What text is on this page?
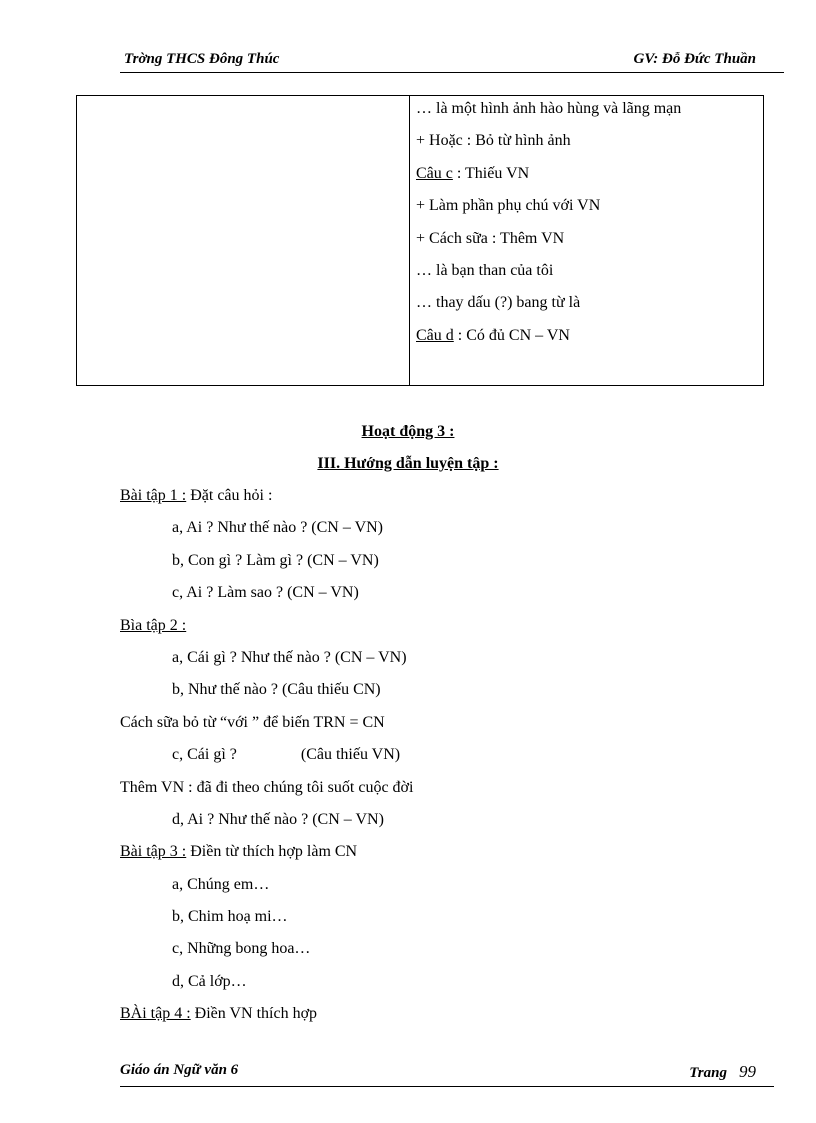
Trờng THCS Đông Thúc	GV: Đỗ Đức Thuần
… là một hình ảnh hào hùng và lãng mạn
+ Hoặc : Bỏ từ hình ảnh
Câu c : Thiếu VN
+ Làm phần phụ chú với VN
+ Cách sữa : Thêm VN
… là bạn than của tôi
… thay dấu (?) bang từ là
Câu d : Có đủ CN – VN
Hoạt động 3 :
III. Hướng dẫn luyện tập :
Bài tập 1 : Đặt câu hỏi :
a, Ai ? Như thế nào ? (CN – VN)
b, Con gì ? Làm gì ? (CN – VN)
c, Ai ? Làm sao ? (CN – VN)
Bìa tập 2 :
a, Cái gì ? Như thế nào ? (CN – VN)
b, Như thế nào ? (Câu thiếu CN)
Cách sữa bỏ từ “với ” để biến TRN = CN
c, Cái gì ?	(Câu thiếu VN)
Thêm VN : đã đi theo chúng tôi suốt cuộc đời
d, Ai ? Như thế nào ? (CN – VN)
Bài tập 3 : Điền từ thích hợp làm CN
a, Chúng em…
b, Chim hoạ mi…
c, Những bong hoa…
d, Cả lớp…
BÀi tập 4 : Điền VN thích hợp
Giáo án Ngữ văn 6	Trang 99
